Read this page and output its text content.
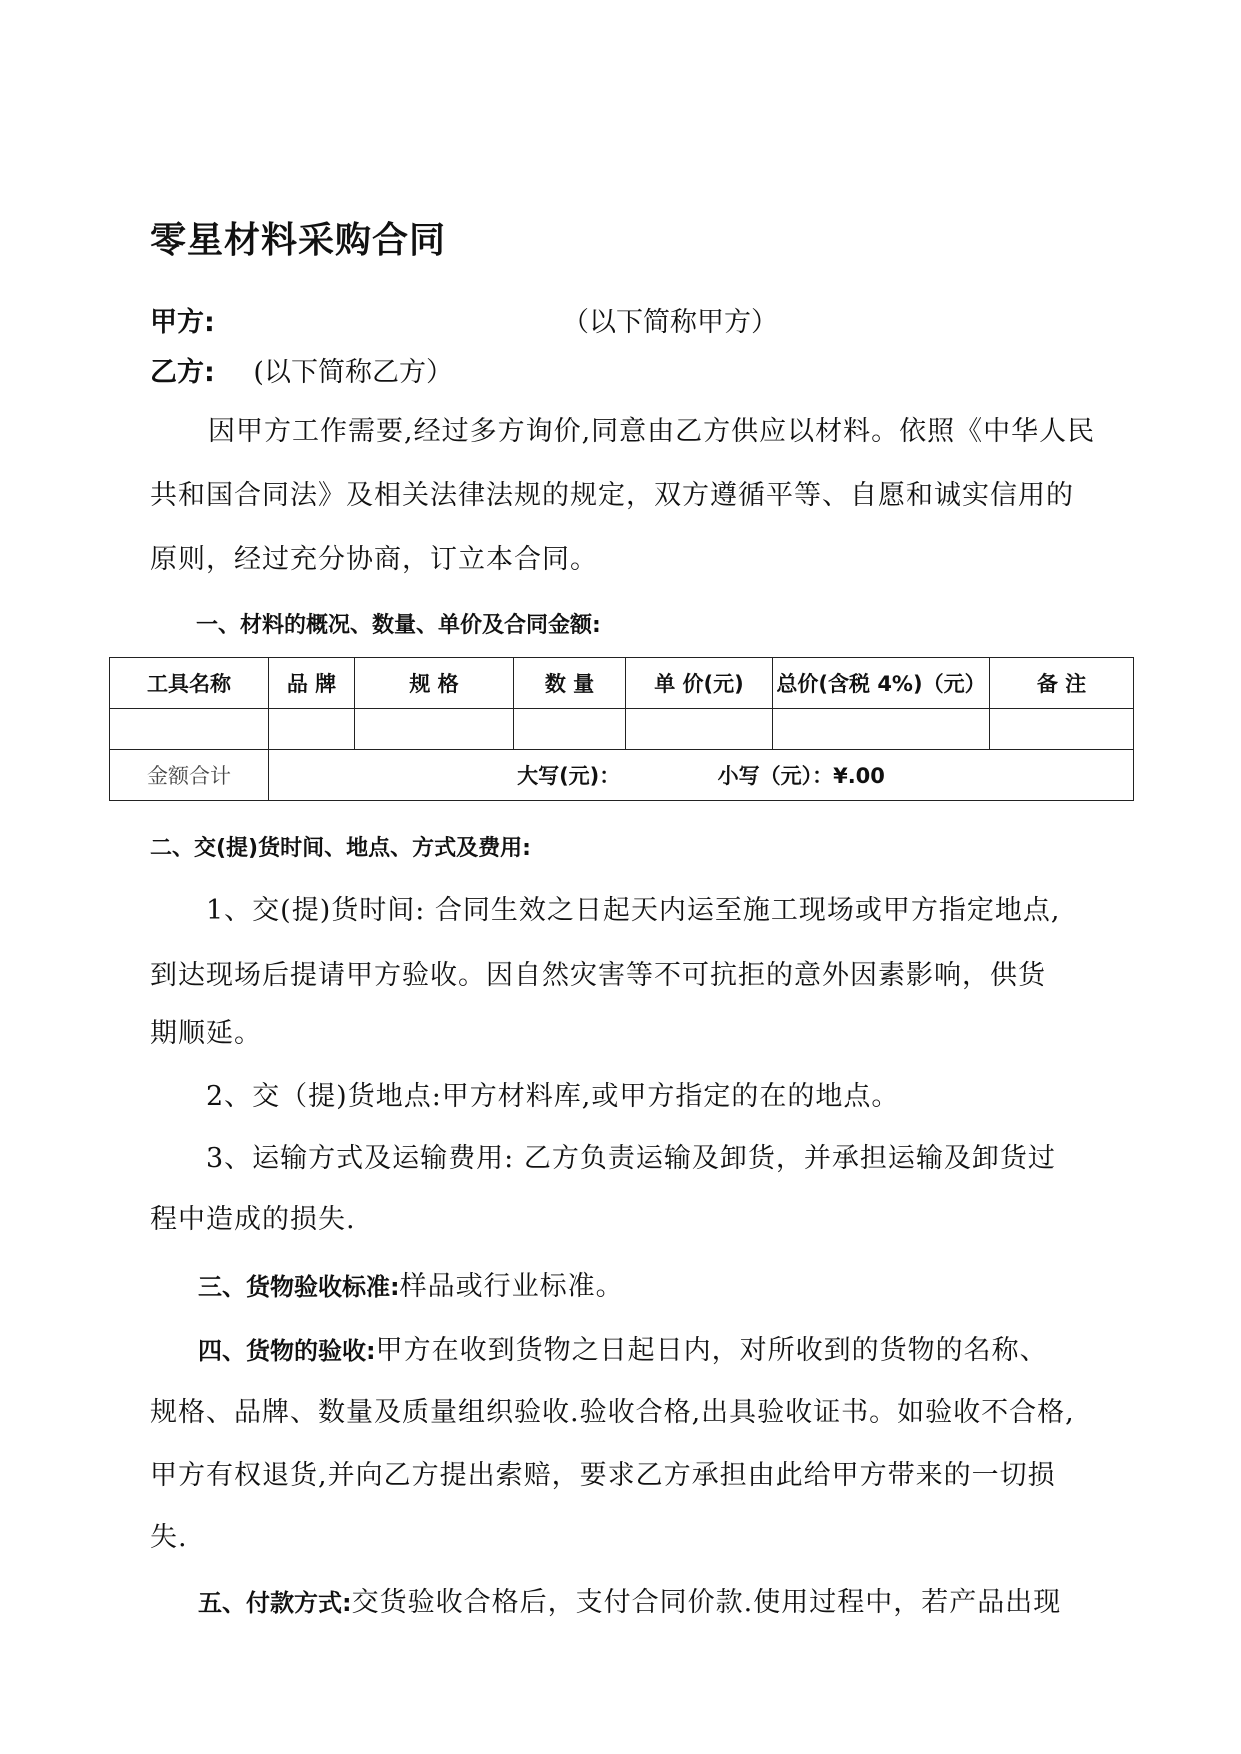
零星材料采购合同
甲方:	（以下简称甲方）
乙方: (以下简称乙方）
因甲方工作需要,经过多方询价,同意由乙方供应以材料。依照《中华人民共和国合同法》及相关法律法规的规定，双方遵循平等、自愿和诚实信用的原则，经过充分协商，订立本合同。
一、材料的概况、数量、单价及合同金额:
工具名称	品 牌	规 格	数 量	单 价(元)	总价(含税 4%)（元）	备 注

金额合计	大写(元)： 小写（元）：¥.00					
二、交(提)货时间、地点、方式及费用:
1、交(提)货时间: 合同生效之日起天内运至施工现场或甲方指定地点,
到达现场后提请甲方验收。因自然灾害等不可抗拒的意外因素影响，供货
期顺延。
2、交（提)货地点:甲方材料库,或甲方指定的在的地点。
3、运输方式及运输费用: 乙方负责运输及卸货，并承担运输及卸货过
程中造成的损失.
三、货物验收标准:样品或行业标准。
四、货物的验收:甲方在收到货物之日起日内，对所收到的货物的名称、
规格、品牌、数量及质量组织验收.验收合格,出具验收证书。如验收不合格,
甲方有权退货,并向乙方提出索赔，要求乙方承担由此给甲方带来的一切损
失.
五、付款方式:交货验收合格后，支付合同价款.使用过程中，若产品出现
